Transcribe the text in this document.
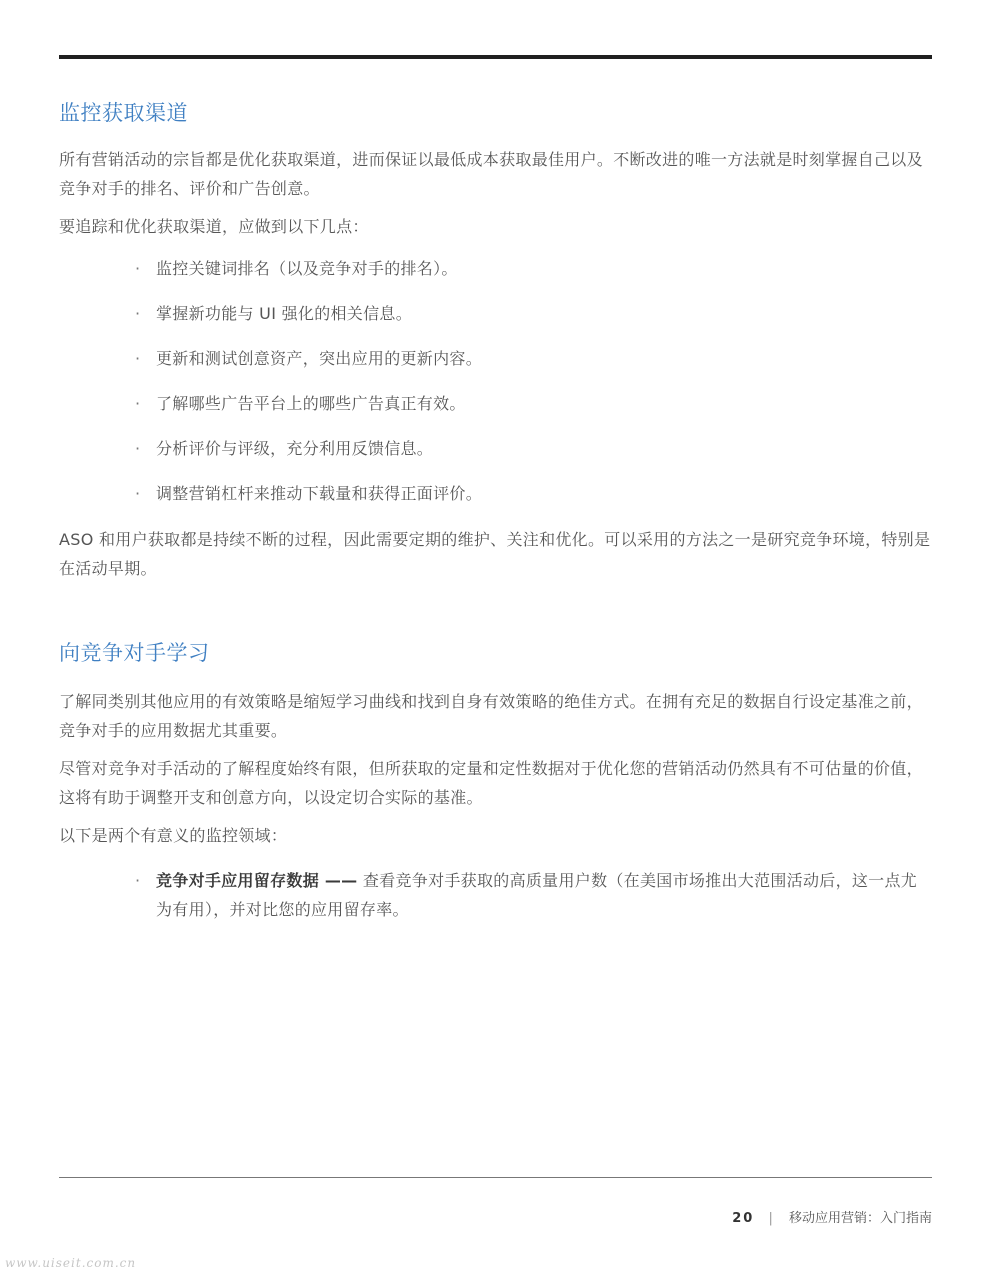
监控获取渠道

所有营销活动的宗旨都是优化获取渠道，进而保证以最低成本获取最佳用户。不断改进的唯一方法就是时刻掌握自己以及竞争对手的排名、评价和广告创意。

要追踪和优化获取渠道，应做到以下几点：

· 监控关键词排名（以及竞争对手的排名）。
· 掌握新功能与 UI 强化的相关信息。
· 更新和测试创意资产，突出应用的更新内容。
· 了解哪些广告平台上的哪些广告真正有效。
· 分析评价与评级，充分利用反馈信息。
· 调整营销杠杆来推动下载量和获得正面评价。

ASO 和用户获取都是持续不断的过程，因此需要定期的维护、关注和优化。可以采用的方法之一是研究竞争环境，特别是在活动早期。

向竞争对手学习

了解同类别其他应用的有效策略是缩短学习曲线和找到自身有效策略的绝佳方式。在拥有充足的数据自行设定基准之前，竞争对手的应用数据尤其重要。

尽管对竞争对手活动的了解程度始终有限，但所获取的定量和定性数据对于优化您的营销活动仍然具有不可估量的价值，这将有助于调整开支和创意方向，以设定切合实际的基准。

以下是两个有意义的监控领域：

· 竞争对手应用留存数据 —— 查看竞争对手获取的高质量用户数（在美国市场推出大范围活动后，这一点尤为有用），并对比您的应用留存率。
20 | 移动应用营销：入门指南
www.uiseit.com.cn
